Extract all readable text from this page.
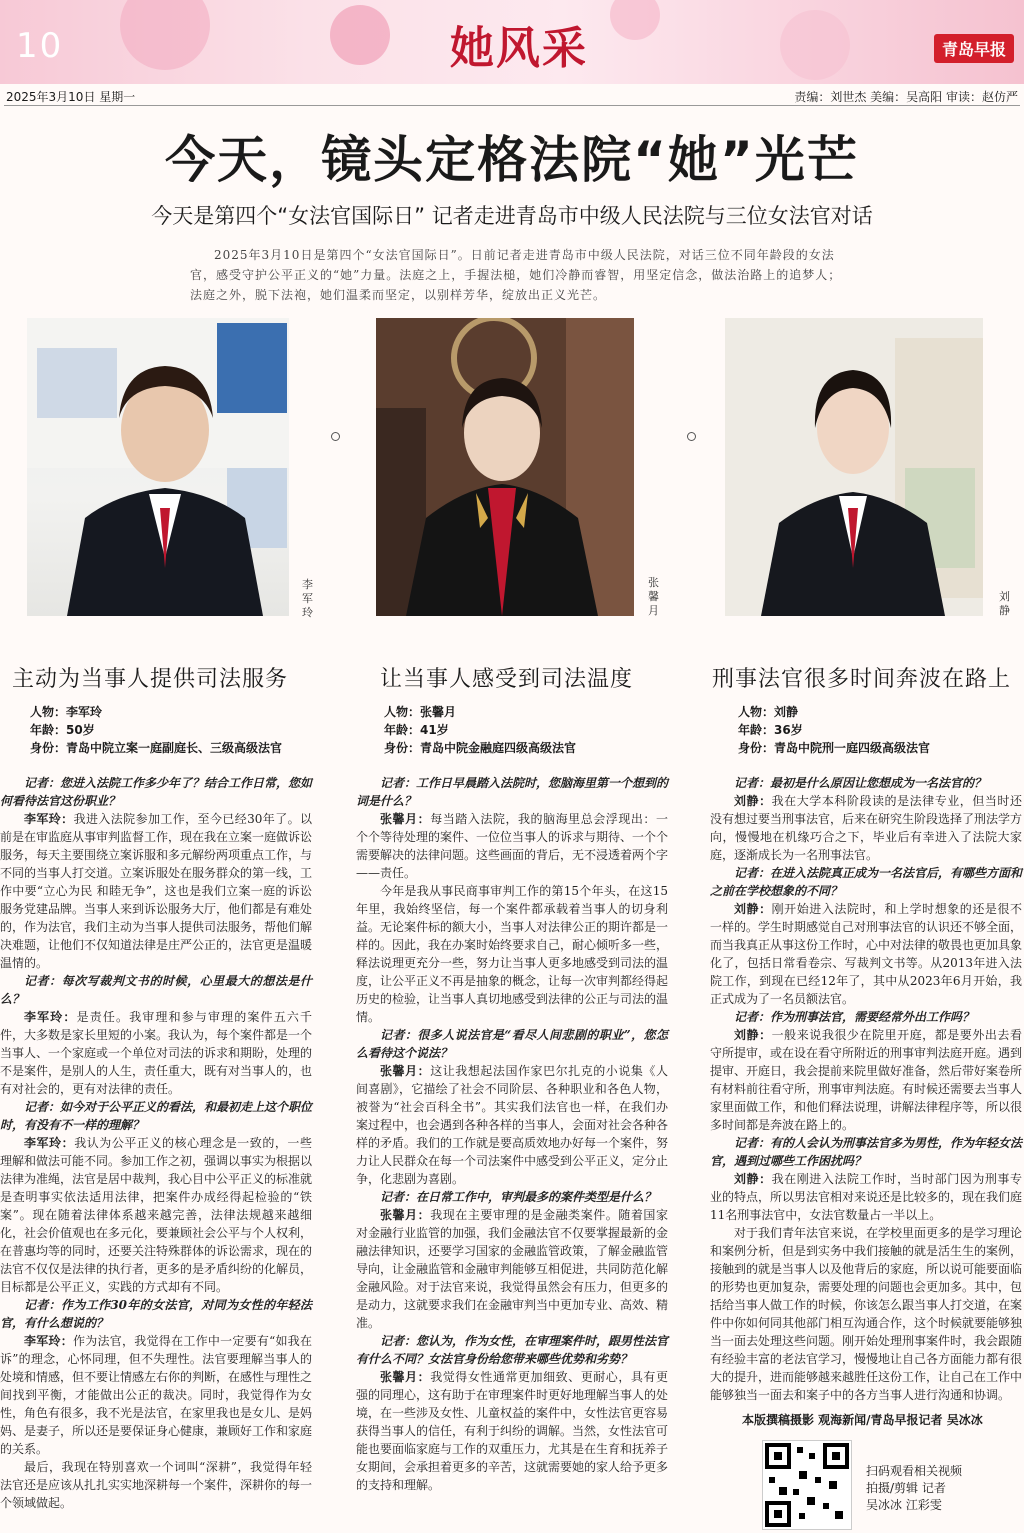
10	她风采	青岛早报
2025年3月10日 星期一	责编：刘世杰 美编：吴高阳 审读：赵仿严
今天，镜头定格法院“她”光芒
今天是第四个“女法官国际日” 记者走进青岛市中级人民法院与三位女法官对话
2025年3月10日是第四个“女法官国际日”。日前记者走进青岛市中级人民法院，对话三位不同年龄段的女法官，感受守护公平正义的“她”力量。法庭之上，手握法槌，她们冷静而睿智，用坚定信念，做法治路上的追梦人；法庭之外，脱下法袍，她们温柔而坚定，以别样芳华，绽放出正义光芒。
李军玲
张馨月
刘静
主动为当事人提供司法服务
人物：李军玲
年龄：50岁
身份：青岛中院立案一庭副庭长、三级高级法官

记者：您进入法院工作多少年了？结合工作日常，您如何看待法官这份职业？

李军玲：我进入法院参加工作，至今已经30年了。以前是在审监庭从事审判监督工作，现在我在立案一庭做诉讼服务，每天主要围绕立案诉服和多元解纷两项重点工作，与不同的当事人打交道。立案诉服处在服务群众的第一线，工作中要“立心为民 和睦无争”，这也是我们立案一庭的诉讼服务党建品牌。当事人来到诉讼服务大厅，他们都是有难处的，作为法官，我们主动为当事人提供司法服务，帮他们解决难题，让他们不仅知道法律是庄严公正的，法官更是温暖温情的。

记者：每次写裁判文书的时候，心里最大的想法是什么？

李军玲：是责任。我审理和参与审理的案件五六千件，大多数是家长里短的小案。我认为，每个案件都是一个当事人、一个家庭或一个单位对司法的诉求和期盼，处理的不是案件，是别人的人生，责任重大，既有对当事人的，也有对社会的，更有对法律的责任。

记者：如今对于公平正义的看法，和最初走上这个职位时，有没有不一样的理解？

李军玲：我认为公平正义的核心理念是一致的，一些理解和做法可能不同。参加工作之初，强调以事实为根据以法律为准绳，法官是居中裁判，我心目中公平正义的标准就是查明事实依法适用法律，把案件办成经得起检验的“铁案”。现在随着法律体系越来越完善，法律法规越来越细化，社会价值观也在多元化，要兼顾社会公平与个人权利，在普惠均等的同时，还要关注特殊群体的诉讼需求，现在的法官不仅仅是法律的执行者，更多的是矛盾纠纷的化解员，目标都是公平正义，实践的方式却有不同。

记者：作为工作30年的女法官，对同为女性的年轻法官，有什么想说的？

李军玲：作为法官，我觉得在工作中一定要有“如我在诉”的理念，心怀同理，但不失理性。法官要理解当事人的处境和情感，但不要让情感左右你的判断，在感性与理性之间找到平衡，才能做出公正的裁决。同时，我觉得作为女性，角色有很多，我不光是法官，在家里我也是女儿、是妈妈、是妻子，所以还是要保证身心健康，兼顾好工作和家庭的关系。

最后，我现在特别喜欢一个词叫“深耕”，我觉得年轻法官还是应该从扎扎实实地深耕每一个案件，深耕你的每一个领域做起。

让当事人感受到司法温度
人物：张馨月
年龄：41岁
身份：青岛中院金融庭四级高级法官

记者：工作日早晨踏入法院时，您脑海里第一个想到的词是什么？

张馨月：每当踏入法院，我的脑海里总会浮现出：一个个等待处理的案件、一位位当事人的诉求与期待、一个个需要解决的法律问题。这些画面的背后，无不浸透着两个字——责任。

今年是我从事民商事审判工作的第15个年头，在这15年里，我始终坚信，每一个案件都承载着当事人的切身利益。无论案件标的额大小，当事人对法律公正的期许都是一样的。因此，我在办案时始终要求自己，耐心倾听多一些，释法说理更充分一些，努力让当事人更多地感受到司法的温度，让公平正义不再是抽象的概念，让每一次审判都经得起历史的检验，让当事人真切地感受到法律的公正与司法的温情。

记者：很多人说法官是“看尽人间悲剧的职业”，您怎么看待这个说法？

张馨月：这让我想起法国作家巴尔扎克的小说集《人间喜剧》，它描绘了社会不同阶层、各种职业和各色人物，被誉为“社会百科全书”。其实我们法官也一样，在我们办案过程中，也会遇到各种各样的当事人，会面对社会各种各样的矛盾。我们的工作就是要高质效地办好每一个案件，努力让人民群众在每一个司法案件中感受到公平正义，定分止争，化悲剧为喜剧。

记者：在日常工作中，审判最多的案件类型是什么？

张馨月：我现在主要审理的是金融类案件。随着国家对金融行业监管的加强，我们金融法官不仅要掌握最新的金融法律知识，还要学习国家的金融监管政策，了解金融监管导向，让金融监管和金融审判能够互相促进，共同防范化解金融风险。对于法官来说，我觉得虽然会有压力，但更多的是动力，这就要求我们在金融审判当中更加专业、高效、精准。

记者：您认为，作为女性，在审理案件时，跟男性法官有什么不同？女法官身份给您带来哪些优势和劣势？

张馨月：我觉得女性通常更加细致、更耐心，具有更强的同理心，这有助于在审理案件时更好地理解当事人的处境，在一些涉及女性、儿童权益的案件中，女性法官更容易获得当事人的信任，有利于纠纷的调解。当然，女性法官可能也要面临家庭与工作的双重压力，尤其是在生育和抚养子女期间，会承担着更多的辛苦，这就需要她的家人给予更多的支持和理解。

刑事法官很多时间奔波在路上
人物：刘静
年龄：36岁
身份：青岛中院刑一庭四级高级法官

记者：最初是什么原因让您想成为一名法官的？

刘静：我在大学本科阶段读的是法律专业，但当时还没有想过要当刑事法官，后来在研究生阶段选择了刑法学方向，慢慢地在机缘巧合之下，毕业后有幸进入了法院大家庭，逐渐成长为一名刑事法官。

记者：在进入法院真正成为一名法官后，有哪些方面和之前在学校想象的不同？

刘静：刚开始进入法院时，和上学时想象的还是很不一样的。学生时期感觉自己对刑事法官的认识还不够全面，而当我真正从事这份工作时，心中对法律的敬畏也更加具象化了，包括日常看卷宗、写裁判文书等。从2013年进入法院工作，到现在已经12年了，其中从2023年6月开始，我正式成为了一名员额法官。

记者：作为刑事法官，需要经常外出工作吗？

刘静：一般来说我很少在院里开庭，都是要外出去看守所提审，或在设在看守所附近的刑事审判法庭开庭。遇到提审、开庭日，我会提前来院里做好准备，然后带好案卷所有材料前往看守所，刑事审判法庭。有时候还需要去当事人家里面做工作，和他们释法说理，讲解法律程序等，所以很多时间都是奔波在路上的。

记者：有的人会认为刑事法官多为男性，作为年轻女法官，遇到过哪些工作困扰吗？

刘静：我在刚进入法院工作时，当时部门因为刑事专业的特点，所以男法官相对来说还是比较多的，现在我们庭11名刑事法官中，女法官数量占一半以上。

对于我们青年法官来说，在学校里面更多的是学习理论和案例分析，但是到实务中我们接触的就是活生生的案例，接触到的就是当事人以及他背后的家庭，所以说可能要面临的形势也更加复杂，需要处理的问题也会更加多。其中，包括给当事人做工作的时候，你该怎么跟当事人打交道，在案件中你如何同其他部门相互沟通合作，这个时候就要能够独当一面去处理这些问题。刚开始处理刑事案件时，我会跟随有经验丰富的老法官学习，慢慢地让自己各方面能力都有很大的提升，进而能够越来越胜任这份工作，让自己在工作中能够独当一面去和案子中的各方当事人进行沟通和协调。

本版撰稿摄影 观海新闻/青岛早报记者 吴冰冰
扫码观看相关视频
拍摄/剪辑 记者
吴冰冰 江彩雯
